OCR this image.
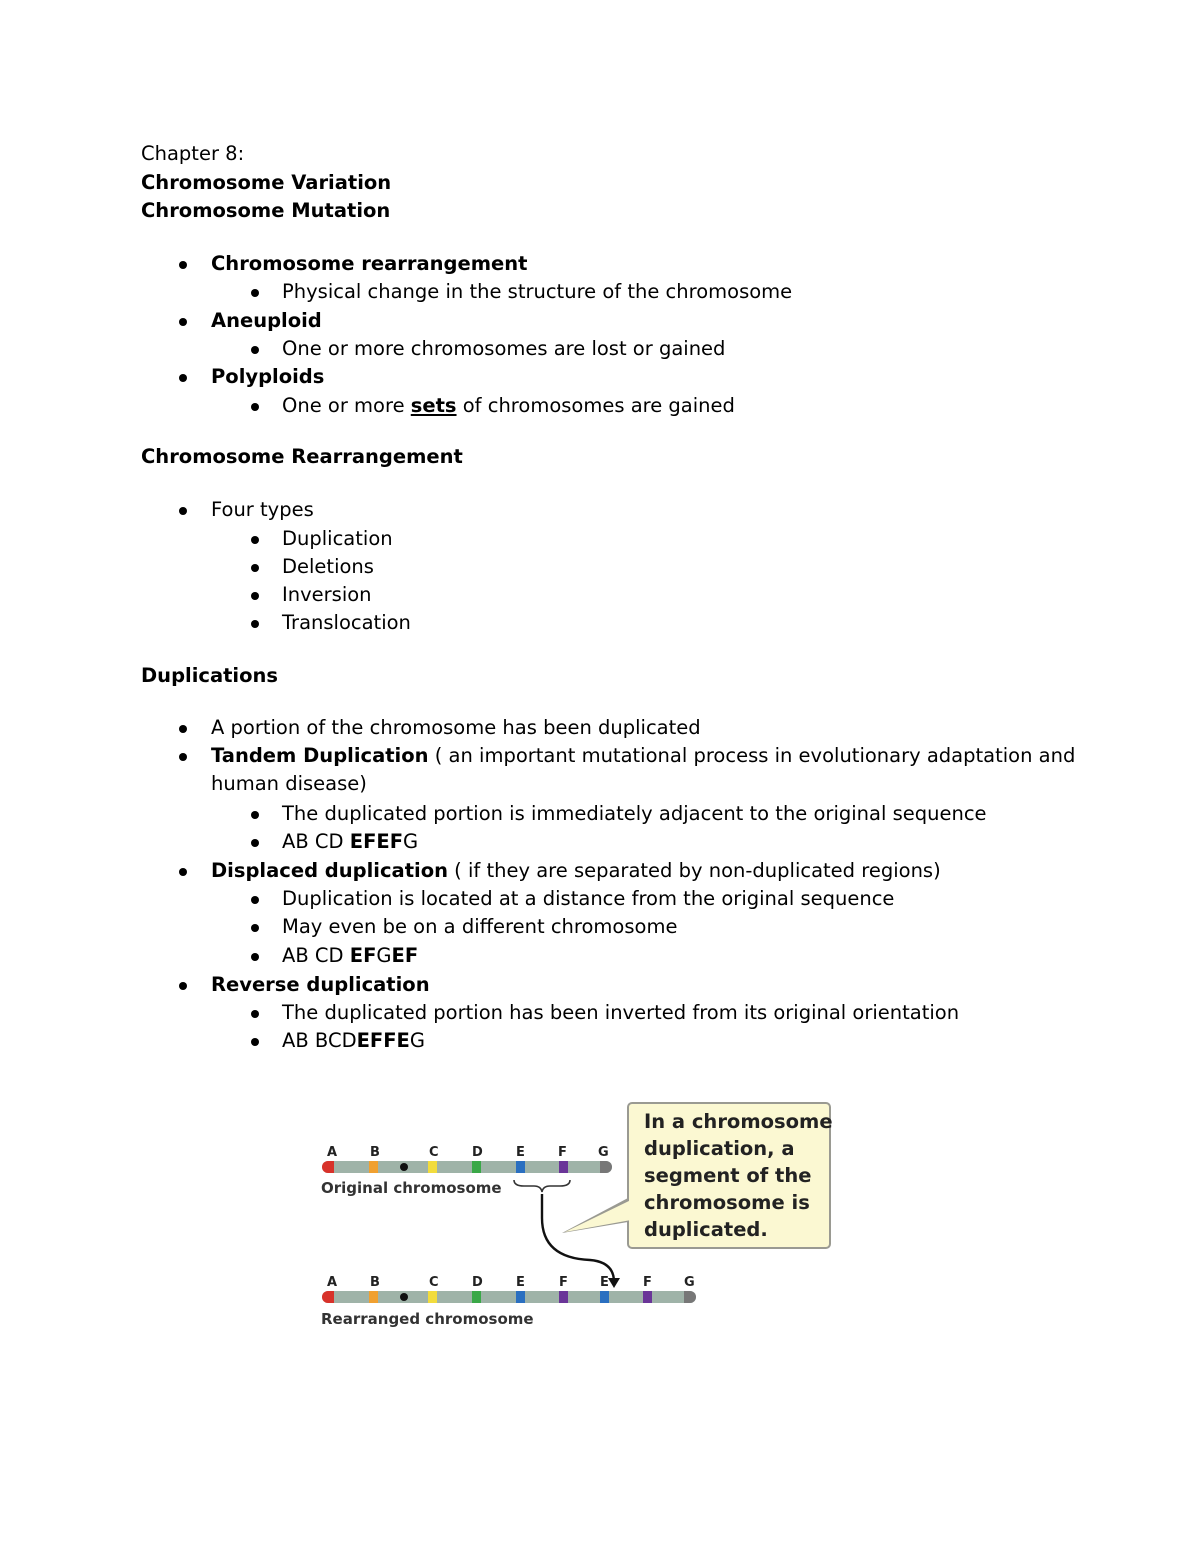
Chapter 8:
Chromosome Variation
Chromosome Mutation
Chromosome rearrangement
Physical change in the structure of the chromosome
Aneuploid
One or more chromosomes are lost or gained
Polyploids
One or more sets of chromosomes are gained
Chromosome Rearrangement
Four types
Duplication
Deletions
Inversion
Translocation
Duplications
A portion of the chromosome has been duplicated
Tandem Duplication ( an important mutational process in evolutionary adaptation and
human disease)
The duplicated portion is immediately adjacent to the original sequence
AB CD EFEFG
Displaced duplication ( if they are separated by non-duplicated regions)
Duplication is located at a distance from the original sequence
May even be on a different chromosome
AB CD EFGEF
Reverse duplication
The duplicated portion has been inverted from its original orientation
AB BCDEFFEG
In a chromosome
duplication, a
segment of the
chromosome is
duplicated.
A	B	C	D	E	F G
Original chromosome
A	B	C	D	E	F E	F G
Rearranged chromosome
